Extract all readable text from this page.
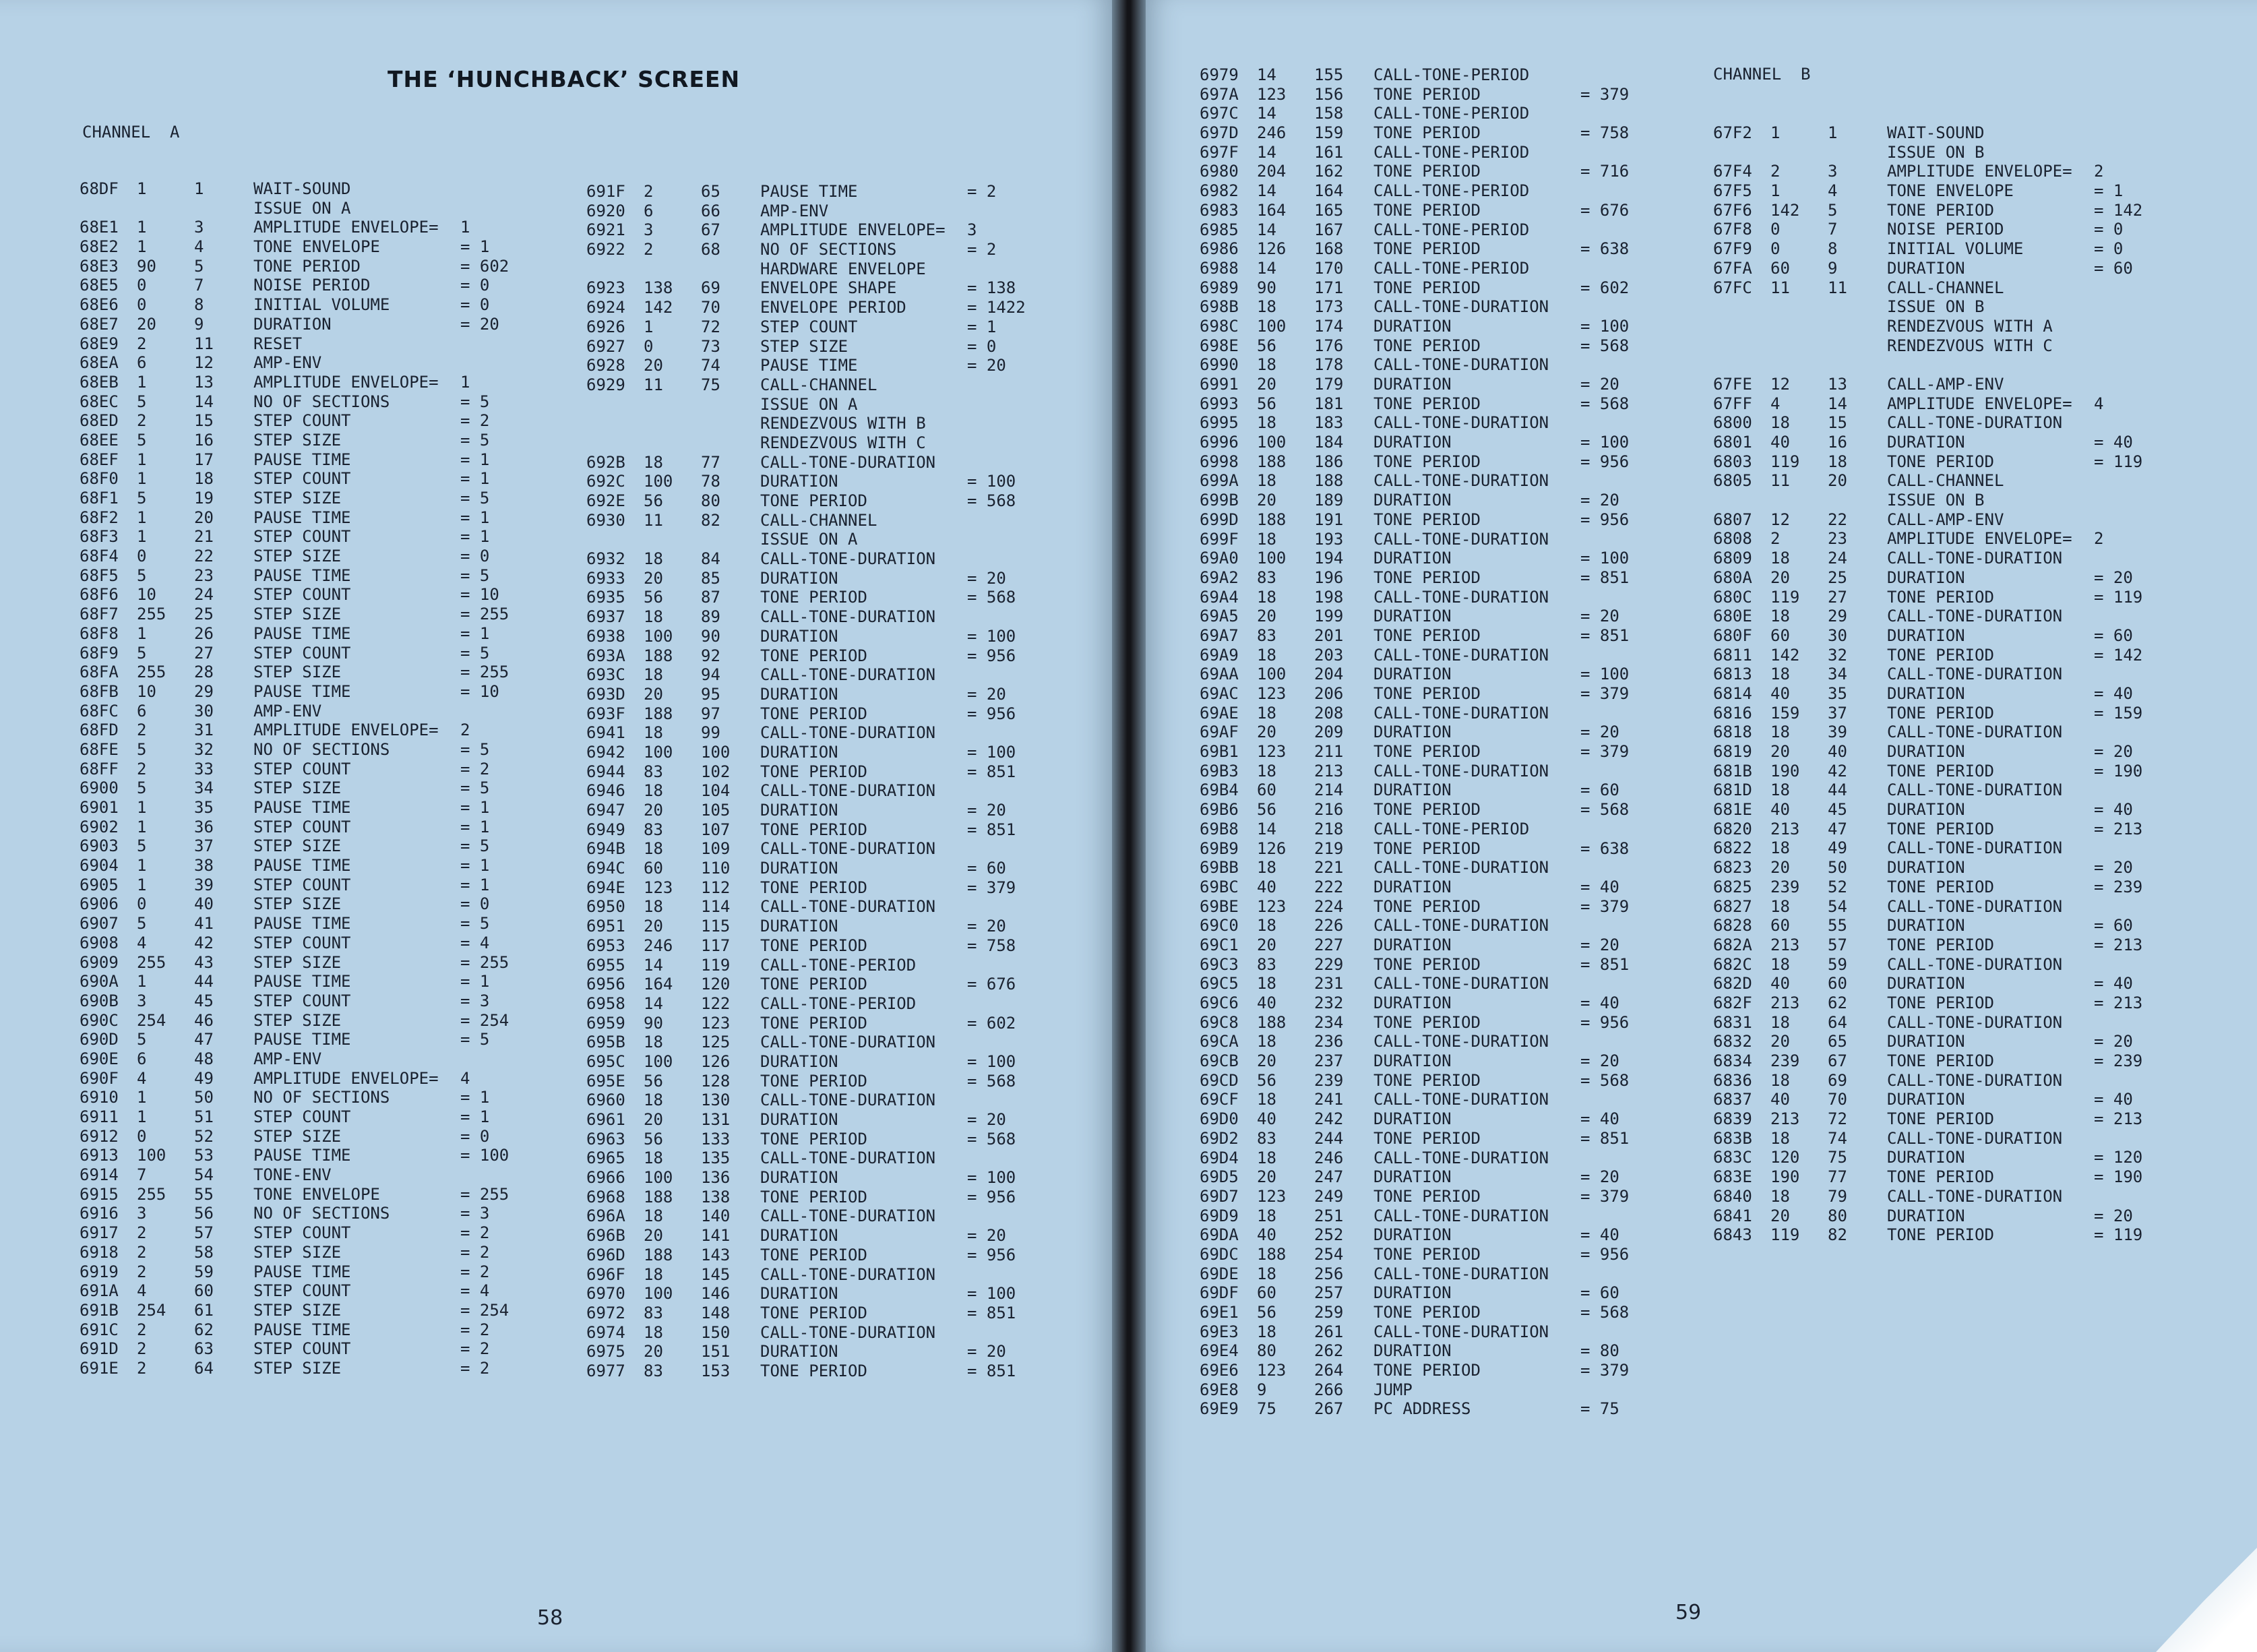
THE ‘HUNCHBACK’ SCREEN
CHANNEL  A
68DF 1	1	WAIT-SOUND
ISSUE ON A
68E1 1	3	AMPLITUDE ENVELOPE= 1
68E2 1	4	TONE ENVELOPE	= 1
68E3 90 5	TONE PERIOD	= 602
68E5 0	7	NOISE PERIOD	= 0
68E6 0	8	INITIAL VOLUME	= 0
68E7 20 9	DURATION	= 20
68E9 2	11 RESET
68EA 6	12 AMP-ENV
68EB 1	13 AMPLITUDE ENVELOPE= 1
68EC 5	14 NO OF SECTIONS	= 5
68ED 2	15 STEP COUNT	= 2
68EE 5	16 STEP SIZE	= 5
68EF 1	17 PAUSE TIME	= 1
68F0 1	18 STEP COUNT	= 1
68F1 5	19 STEP SIZE	= 5
68F2 1	20 PAUSE TIME	= 1
68F3 1	21 STEP COUNT	= 1
68F4 0	22 STEP SIZE	= 0
68F5 5	23 PAUSE TIME	= 5
68F6 10 24 STEP COUNT	= 10
68F7 255 25 STEP SIZE	= 255
68F8 1	26 PAUSE TIME	= 1
68F9 5	27 STEP COUNT	= 5
68FA 255 28 STEP SIZE	= 255
68FB 10 29 PAUSE TIME	= 10
68FC 6	30 AMP-ENV
68FD 2	31 AMPLITUDE ENVELOPE= 2
68FE 5	32 NO OF SECTIONS	= 5
68FF 2	33 STEP COUNT	= 2
6900 5	34 STEP SIZE	= 5
6901 1	35 PAUSE TIME	= 1
6902 1	36 STEP COUNT	= 1
6903 5	37 STEP SIZE	= 5
6904 1	38 PAUSE TIME	= 1
6905 1	39 STEP COUNT	= 1
6906 0	40 STEP SIZE	= 0
6907 5	41 PAUSE TIME	= 5
6908 4	42 STEP COUNT	= 4
6909 255 43 STEP SIZE	= 255
690A 1	44 PAUSE TIME	= 1
690B 3	45 STEP COUNT	= 3
690C 254 46 STEP SIZE	= 254
690D 5	47 PAUSE TIME	= 5
690E 6	48 AMP-ENV
690F 4	49 AMPLITUDE ENVELOPE= 4
6910 1	50 NO OF SECTIONS	= 1
6911 1	51 STEP COUNT	= 1
6912 0	52 STEP SIZE	= 0
6913 100 53 PAUSE TIME	= 100
6914 7	54 TONE-ENV
6915 255 55 TONE ENVELOPE	= 255
6916 3	56 NO OF SECTIONS	= 3
6917 2	57 STEP COUNT	= 2
6918 2	58 STEP SIZE	= 2
6919 2	59 PAUSE TIME	= 2
691A 4	60 STEP COUNT	= 4
691B 254 61 STEP SIZE	= 254
691C 2	62 PAUSE TIME	= 2
691D 2	63 STEP COUNT	= 2
691E 2	64 STEP SIZE	= 2
691F 2	65 PAUSE TIME	= 2
6920 6	66 AMP-ENV
6921 3	67 AMPLITUDE ENVELOPE= 3
6922 2	68 NO OF SECTIONS	= 2
HARDWARE ENVELOPE
6923 138 69 ENVELOPE SHAPE	= 138
6924 142 70 ENVELOPE PERIOD	= 1422
6926 1	72 STEP COUNT	= 1
6927 0	73 STEP SIZE	= 0
6928 20 74 PAUSE TIME	= 20
6929 11 75 CALL-CHANNEL
ISSUE ON A
RENDEZVOUS WITH B
RENDEZVOUS WITH C
692B 18 77 CALL-TONE-DURATION
692C 100 78 DURATION	= 100
692E 56 80 TONE PERIOD	= 568
6930 11 82 CALL-CHANNEL
ISSUE ON A
6932 18 84 CALL-TONE-DURATION
6933 20 85 DURATION	= 20
6935 56 87 TONE PERIOD	= 568
6937 18 89 CALL-TONE-DURATION
6938 100 90 DURATION	= 100
693A 188 92 TONE PERIOD	= 956
693C 18 94 CALL-TONE-DURATION
693D 20 95 DURATION	= 20
693F 188 97 TONE PERIOD	= 956
6941 18 99 CALL-TONE-DURATION
6942 100 100 DURATION	= 100
6944 83 102 TONE PERIOD	= 851
6946 18 104 CALL-TONE-DURATION
6947 20 105 DURATION	= 20
6949 83 107 TONE PERIOD	= 851
694B 18 109 CALL-TONE-DURATION
694C 60 110 DURATION	= 60
694E 123 112 TONE PERIOD	= 379
6950 18 114 CALL-TONE-DURATION
6951 20 115 DURATION	= 20
6953 246 117 TONE PERIOD	= 758
6955 14 119 CALL-TONE-PERIOD
6956 164 120 TONE PERIOD	= 676
6958 14 122 CALL-TONE-PERIOD
6959 90 123 TONE PERIOD	= 602
695B 18 125 CALL-TONE-DURATION
695C 100 126 DURATION	= 100
695E 56 128 TONE PERIOD	= 568
6960 18 130 CALL-TONE-DURATION
6961 20 131 DURATION	= 20
6963 56 133 TONE PERIOD	= 568
6965 18 135 CALL-TONE-DURATION
6966 100 136 DURATION	= 100
6968 188 138 TONE PERIOD	= 956
696A 18 140 CALL-TONE-DURATION
696B 20 141 DURATION	= 20
696D 188 143 TONE PERIOD	= 956
696F 18 145 CALL-TONE-DURATION
6970 100 146 DURATION	= 100
6972 83 148 TONE PERIOD	= 851
6974 18 150 CALL-TONE-DURATION
6975 20 151 DURATION	= 20
6977 83 153 TONE PERIOD	= 851
58
CHANNEL  B
6979 14 155 CALL-TONE-PERIOD
697A 123 156 TONE PERIOD	= 379
697C 14 158 CALL-TONE-PERIOD
697D 246 159 TONE PERIOD	= 758
697F 14 161 CALL-TONE-PERIOD
6980 204 162 TONE PERIOD	= 716
6982 14 164 CALL-TONE-PERIOD
6983 164 165 TONE PERIOD	= 676
6985 14 167 CALL-TONE-PERIOD
6986 126 168 TONE PERIOD	= 638
6988 14 170 CALL-TONE-PERIOD
6989 90 171 TONE PERIOD	= 602
698B 18 173 CALL-TONE-DURATION
698C 100 174 DURATION	= 100
698E 56 176 TONE PERIOD	= 568
6990 18 178 CALL-TONE-DURATION
6991 20 179 DURATION	= 20
6993 56 181 TONE PERIOD	= 568
6995 18 183 CALL-TONE-DURATION
6996 100 184 DURATION	= 100
6998 188 186 TONE PERIOD	= 956
699A 18 188 CALL-TONE-DURATION
699B 20 189 DURATION	= 20
699D 188 191 TONE PERIOD	= 956
699F 18 193 CALL-TONE-DURATION
69A0 100 194 DURATION	= 100
69A2 83 196 TONE PERIOD	= 851
69A4 18 198 CALL-TONE-DURATION
69A5 20 199 DURATION	= 20
69A7 83 201 TONE PERIOD	= 851
69A9 18 203 CALL-TONE-DURATION
69AA 100 204 DURATION	= 100
69AC 123 206 TONE PERIOD	= 379
69AE 18 208 CALL-TONE-DURATION
69AF 20 209 DURATION	= 20
69B1 123 211 TONE PERIOD	= 379
69B3 18 213 CALL-TONE-DURATION
69B4 60 214 DURATION	= 60
69B6 56 216 TONE PERIOD	= 568
69B8 14 218 CALL-TONE-PERIOD
69B9 126 219 TONE PERIOD	= 638
69BB 18 221 CALL-TONE-DURATION
69BC 40 222 DURATION	= 40
69BE 123 224 TONE PERIOD	= 379
69C0 18 226 CALL-TONE-DURATION
69C1 20 227 DURATION	= 20
69C3 83 229 TONE PERIOD	= 851
69C5 18 231 CALL-TONE-DURATION
69C6 40 232 DURATION	= 40
69C8 188 234 TONE PERIOD	= 956
69CA 18 236 CALL-TONE-DURATION
69CB 20 237 DURATION	= 20
69CD 56 239 TONE PERIOD	= 568
69CF 18 241 CALL-TONE-DURATION
69D0 40 242 DURATION	= 40
69D2 83 244 TONE PERIOD	= 851
69D4 18 246 CALL-TONE-DURATION
69D5 20 247 DURATION	= 20
69D7 123 249 TONE PERIOD	= 379
69D9 18 251 CALL-TONE-DURATION
69DA 40 252 DURATION	= 40
69DC 188 254 TONE PERIOD	= 956
69DE 18 256 CALL-TONE-DURATION
69DF 60 257 DURATION	= 60
69E1 56 259 TONE PERIOD	= 568
69E3 18 261 CALL-TONE-DURATION
69E4 80 262 DURATION	= 80
69E6 123 264 TONE PERIOD	= 379
69E8 9	266 JUMP
69E9 75 267 PC ADDRESS	= 75
67F2 1	1	WAIT-SOUND
ISSUE ON B
67F4 2	3	AMPLITUDE ENVELOPE= 2
67F5 1	4	TONE ENVELOPE	= 1
67F6 142 5	TONE PERIOD	= 142
67F8 0	7	NOISE PERIOD	= 0
67F9 0	8	INITIAL VOLUME	= 0
67FA 60 9	DURATION	= 60
67FC 11 11 CALL-CHANNEL
ISSUE ON B
RENDEZVOUS WITH A
RENDEZVOUS WITH C
67FE 12 13 CALL-AMP-ENV
67FF 4	14 AMPLITUDE ENVELOPE= 4
6800 18 15 CALL-TONE-DURATION
6801 40 16 DURATION	= 40
6803 119 18 TONE PERIOD	= 119
6805 11 20 CALL-CHANNEL
ISSUE ON B
6807 12 22 CALL-AMP-ENV
6808 2	23 AMPLITUDE ENVELOPE= 2
6809 18 24 CALL-TONE-DURATION
680A 20 25 DURATION	= 20
680C 119 27 TONE PERIOD	= 119
680E 18 29 CALL-TONE-DURATION
680F 60 30 DURATION	= 60
6811 142 32 TONE PERIOD	= 142
6813 18 34 CALL-TONE-DURATION
6814 40 35 DURATION	= 40
6816 159 37 TONE PERIOD	= 159
6818 18 39 CALL-TONE-DURATION
6819 20 40 DURATION	= 20
681B 190 42 TONE PERIOD	= 190
681D 18 44 CALL-TONE-DURATION
681E 40 45 DURATION	= 40
6820 213 47 TONE PERIOD	= 213
6822 18 49 CALL-TONE-DURATION
6823 20 50 DURATION	= 20
6825 239 52 TONE PERIOD	= 239
6827 18 54 CALL-TONE-DURATION
6828 60 55 DURATION	= 60
682A 213 57 TONE PERIOD	= 213
682C 18 59 CALL-TONE-DURATION
682D 40 60 DURATION	= 40
682F 213 62 TONE PERIOD	= 213
6831 18 64 CALL-TONE-DURATION
6832 20 65 DURATION	= 20
6834 239 67 TONE PERIOD	= 239
6836 18 69 CALL-TONE-DURATION
6837 40 70 DURATION	= 40
6839 213 72 TONE PERIOD	= 213
683B 18 74 CALL-TONE-DURATION
683C 120 75 DURATION	= 120
683E 190 77 TONE PERIOD	= 190
6840 18 79 CALL-TONE-DURATION
6841 20 80 DURATION	= 20
6843 119 82 TONE PERIOD	= 119
59
